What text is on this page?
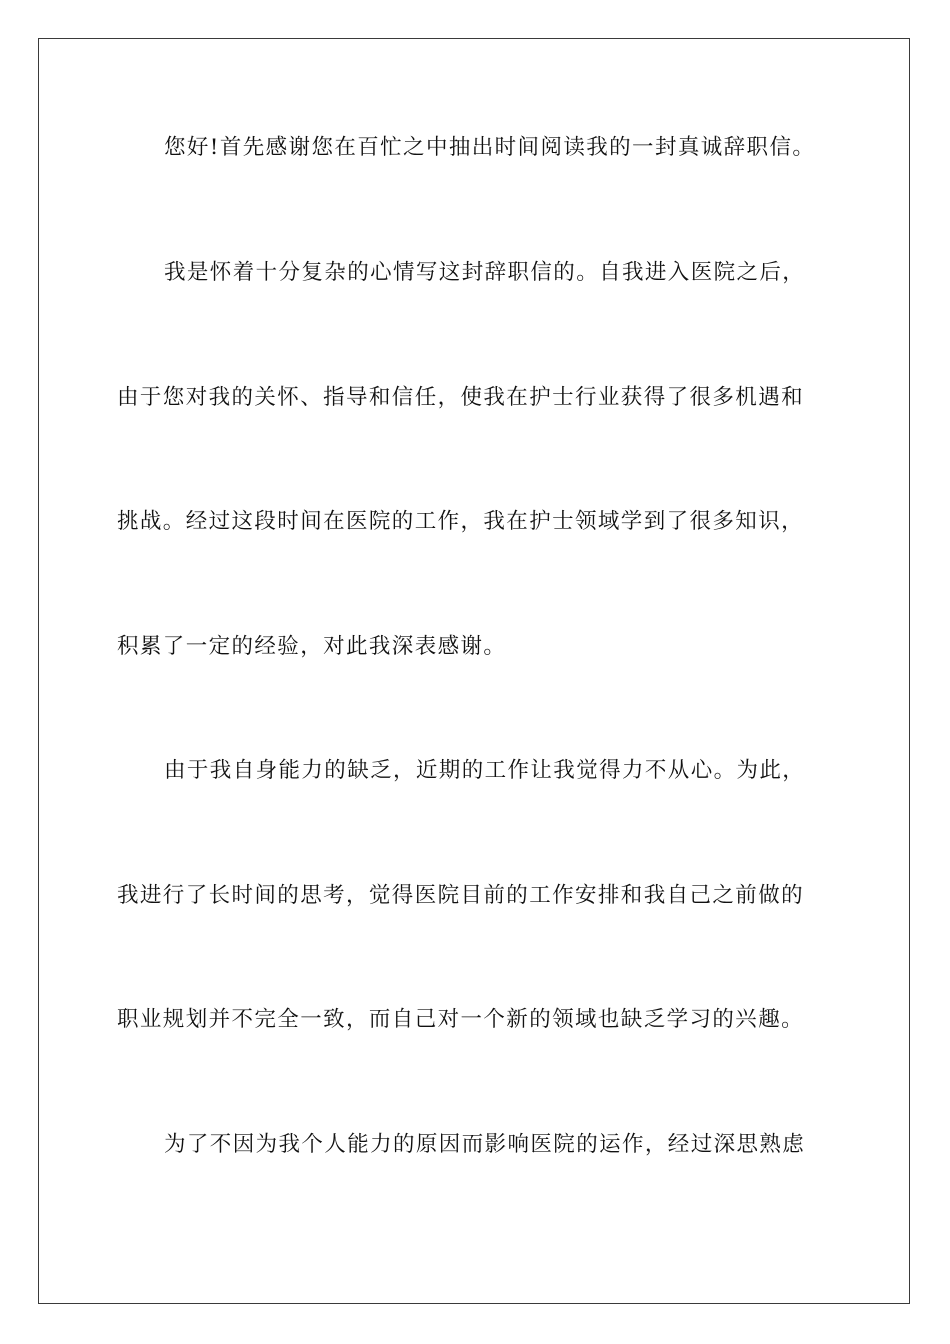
您好!首先感谢您在百忙之中抽出时间阅读我的一封真诚辞职信。
我是怀着十分复杂的心情写这封辞职信的。自我进入医院之后，
由于您对我的关怀、指导和信任，使我在护士行业获得了很多机遇和
挑战。经过这段时间在医院的工作，我在护士领域学到了很多知识，
积累了一定的经验，对此我深表感谢。
由于我自身能力的缺乏，近期的工作让我觉得力不从心。为此，
我进行了长时间的思考，觉得医院目前的工作安排和我自己之前做的
职业规划并不完全一致，而自己对一个新的领域也缺乏学习的兴趣。
为了不因为我个人能力的原因而影响医院的运作，经过深思熟虑
